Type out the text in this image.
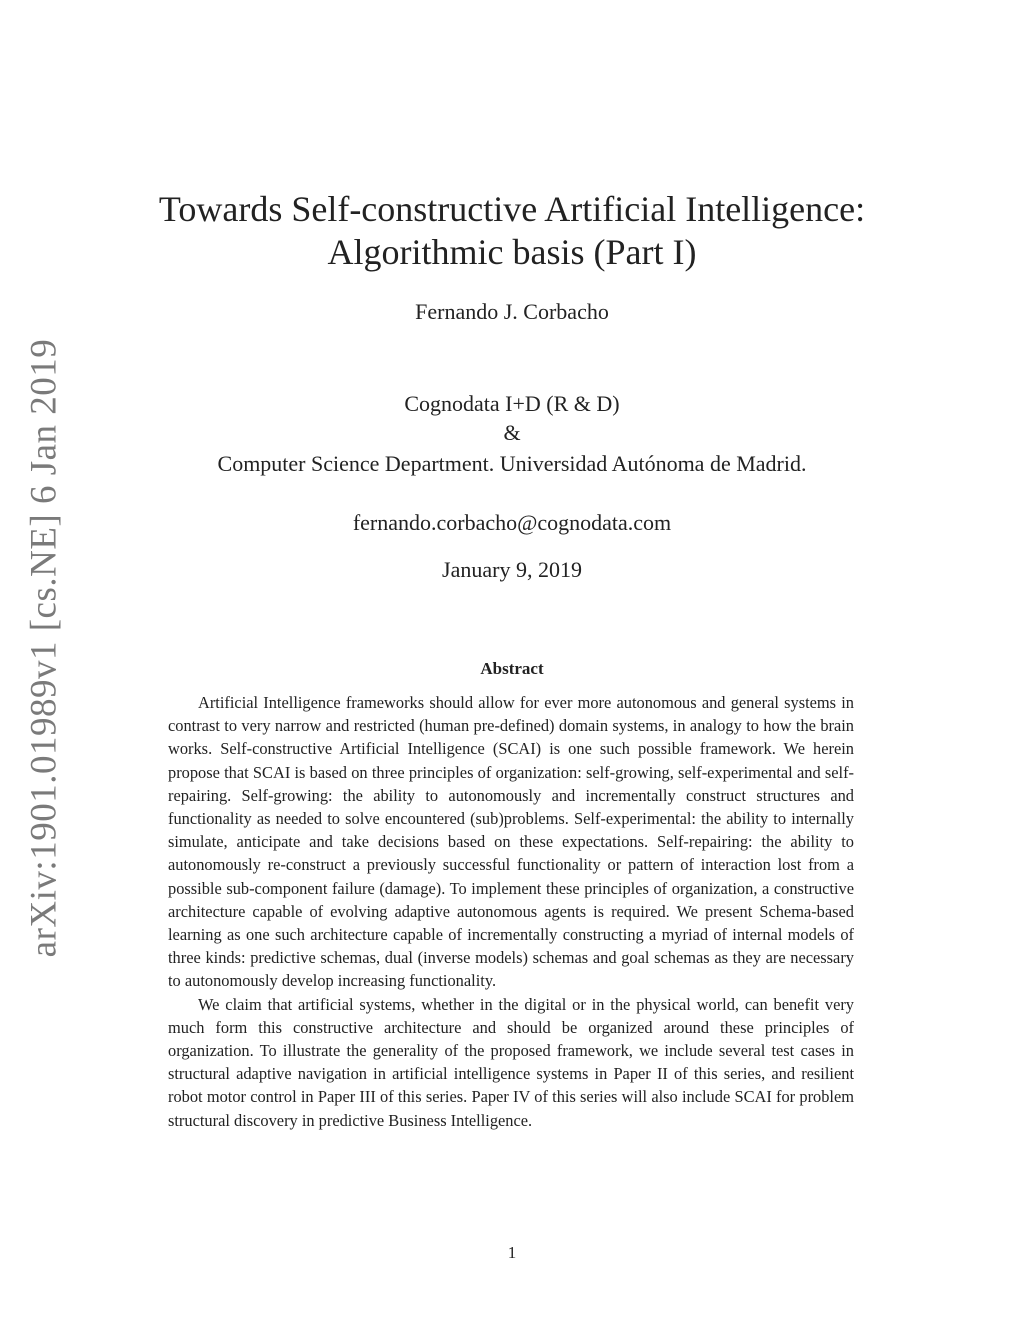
arXiv:1901.01989v1 [cs.NE] 6 Jan 2019
Towards Self-constructive Artificial Intelligence:
Algorithmic basis (Part I)
Fernando J. Corbacho
Cognodata I+D (R & D)
&
Computer Science Department. Universidad Autónoma de Madrid.
fernando.corbacho@cognodata.com
January 9, 2019
Abstract

Artificial Intelligence frameworks should allow for ever more autonomous and general systems in contrast to very narrow and restricted (human pre-defined) domain systems, in analogy to how the brain works. Self-constructive Artificial Intelligence (SCAI) is one such possible framework. We herein propose that SCAI is based on three principles of organization: self-growing, self-experimental and self-repairing. Self-growing: the ability to autonomously and incrementally construct structures and functionality as needed to solve encountered (sub)problems. Self-experimental: the ability to internally simulate, anticipate and take decisions based on these expectations. Self-repairing: the ability to autonomously re-construct a previously successful functionality or pattern of interaction lost from a possible sub-component failure (damage). To implement these principles of organization, a constructive architecture capable of evolving adaptive autonomous agents is required. We present Schema-based learning as one such architecture capable of incrementally constructing a myriad of internal models of three kinds: predictive schemas, dual (inverse models) schemas and goal schemas as they are necessary to autonomously develop increasing functionality.

We claim that artificial systems, whether in the digital or in the physical world, can benefit very much form this constructive architecture and should be organized around these principles of organization. To illustrate the generality of the proposed framework, we include several test cases in structural adaptive navigation in artificial intelligence systems in Paper II of this series, and resilient robot motor control in Paper III of this series. Paper IV of this series will also include SCAI for problem structural discovery in predictive Business Intelligence.

1
